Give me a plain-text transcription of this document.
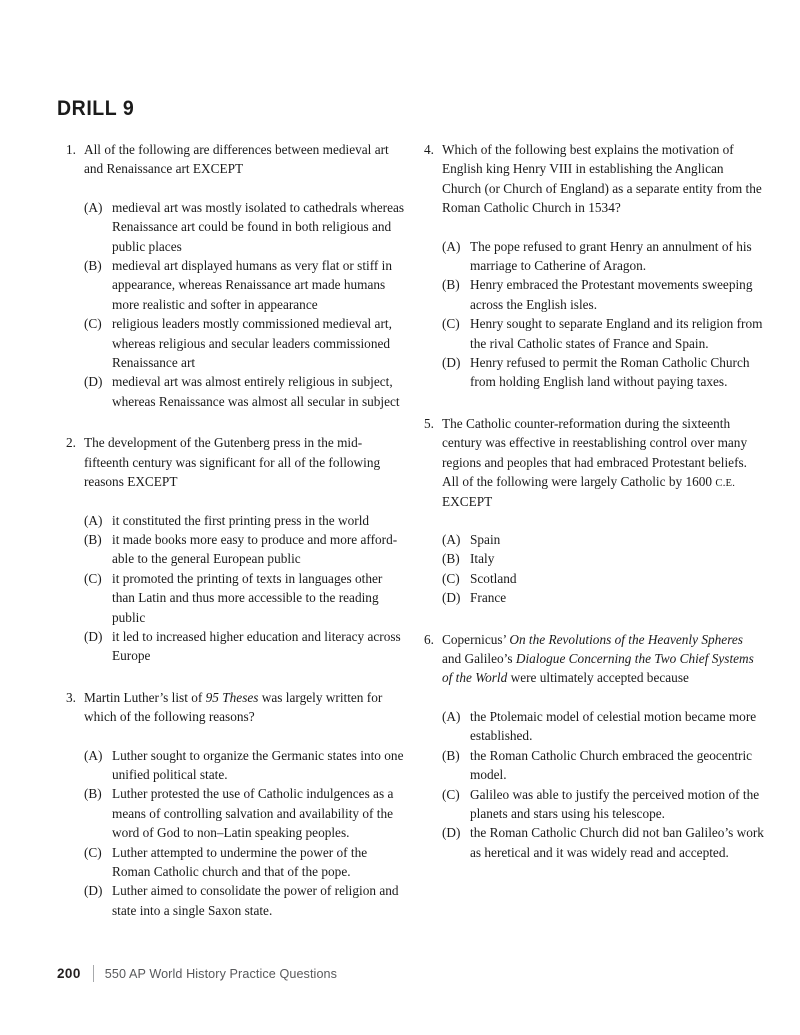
DRILL 9
1. All of the following are differences between medieval art and Renaissance art EXCEPT
(A) medieval art was mostly isolated to cathedrals whereas Renaissance art could be found in both religious and public places
(B) medieval art displayed humans as very flat or stiff in appearance, whereas Renaissance art made humans more realistic and softer in appearance
(C) religious leaders mostly commissioned medieval art, whereas religious and secular leaders commissioned Renaissance art
(D) medieval art was almost entirely religious in subject, whereas Renaissance was almost all secular in subject
2. The development of the Gutenberg press in the mid-fifteenth century was significant for all of the following reasons EXCEPT
(A) it constituted the first printing press in the world
(B) it made books more easy to produce and more afford-able to the general European public
(C) it promoted the printing of texts in languages other than Latin and thus more accessible to the reading public
(D) it led to increased higher education and literacy across Europe
3. Martin Luther’s list of 95 Theses was largely written for which of the following reasons?
(A) Luther sought to organize the Germanic states into one unified political state.
(B) Luther protested the use of Catholic indulgences as a means of controlling salvation and availability of the word of God to non–Latin speaking peoples.
(C) Luther attempted to undermine the power of the Roman Catholic church and that of the pope.
(D) Luther aimed to consolidate the power of religion and state into a single Saxon state.
4. Which of the following best explains the motivation of English king Henry VIII in establishing the Anglican Church (or Church of England) as a separate entity from the Roman Catholic Church in 1534?
(A) The pope refused to grant Henry an annulment of his marriage to Catherine of Aragon.
(B) Henry embraced the Protestant movements sweeping across the English isles.
(C) Henry sought to separate England and its religion from the rival Catholic states of France and Spain.
(D) Henry refused to permit the Roman Catholic Church from holding English land without paying taxes.
5. The Catholic counter-reformation during the sixteenth century was effective in reestablishing control over many regions and peoples that had embraced Protestant beliefs. All of the following were largely Catholic by 1600 C.E. EXCEPT
(A) Spain
(B) Italy
(C) Scotland
(D) France
6. Copernicus’ On the Revolutions of the Heavenly Spheres and Galileo’s Dialogue Concerning the Two Chief Systems of the World were ultimately accepted because
(A) the Ptolemaic model of celestial motion became more established.
(B) the Roman Catholic Church embraced the geocentric model.
(C) Galileo was able to justify the perceived motion of the planets and stars using his telescope.
(D) the Roman Catholic Church did not ban Galileo’s work as heretical and it was widely read and accepted.
200 550 AP World History Practice Questions
